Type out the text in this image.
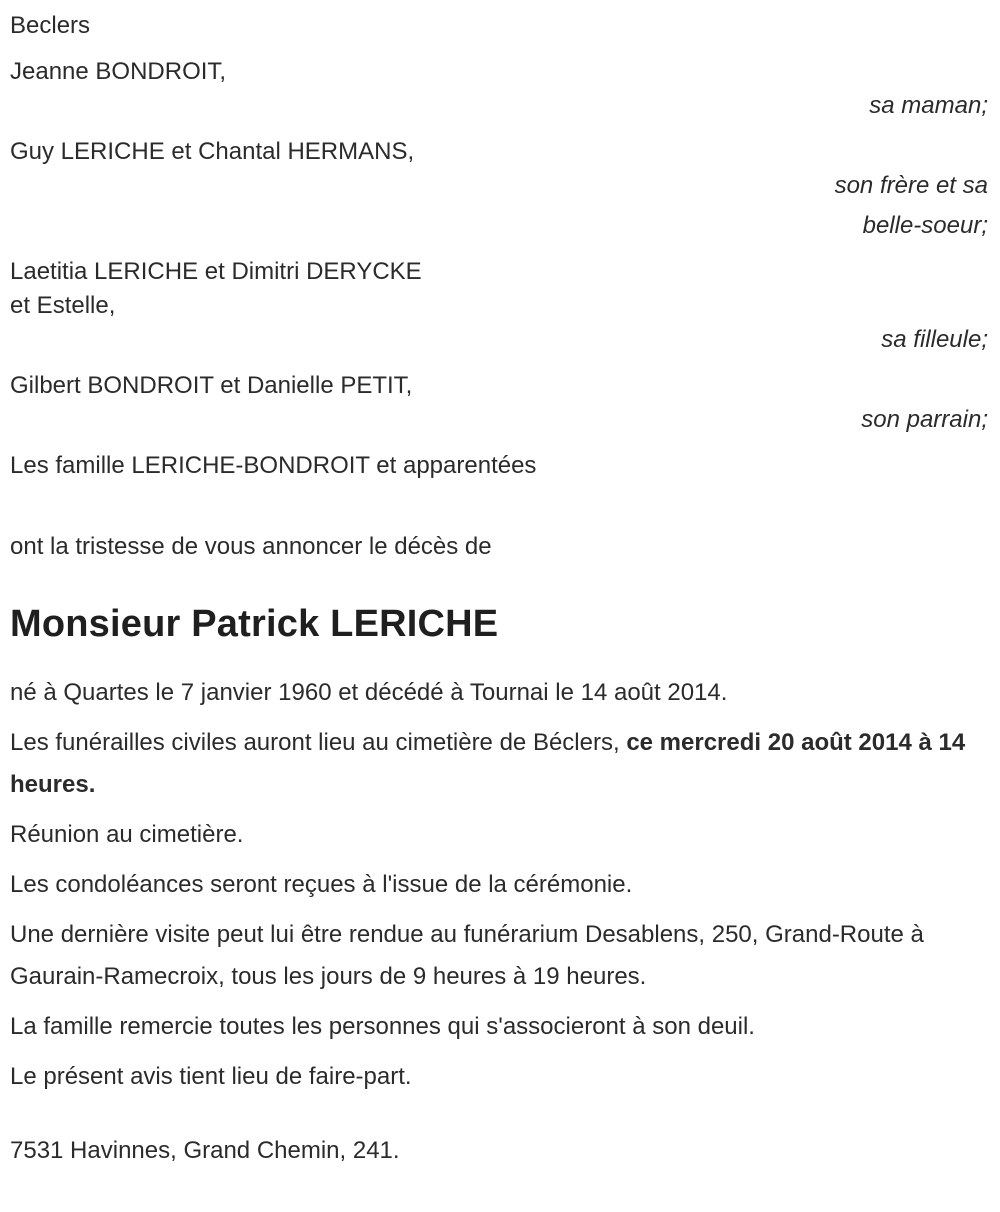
Beclers
Jeanne BONDROIT,
sa maman;
Guy LERICHE et Chantal HERMANS,
son frère et sa
belle-soeur;
Laetitia LERICHE et Dimitri DERYCKE
et Estelle,
sa filleule;
Gilbert BONDROIT et Danielle PETIT,
son parrain;
Les famille LERICHE-BONDROIT et apparentées
ont la tristesse de vous annoncer le décès de
Monsieur Patrick LERICHE

né à Quartes le 7 janvier 1960 et décédé à Tournai le 14 août 2014.

Les funérailles civiles auront lieu au cimetière de Béclers, ce mercredi 20 août 2014 à 14 heures.

Réunion au cimetière.

Les condoléances seront reçues à l'issue de la cérémonie.

Une dernière visite peut lui être rendue au funérarium Desablens, 250, Grand-Route à Gaurain-Ramecroix, tous les jours de 9 heures à 19 heures.

La famille remercie toutes les personnes qui s'associeront à son deuil.

Le présent avis tient lieu de faire-part.

7531 Havinnes, Grand Chemin, 241.
